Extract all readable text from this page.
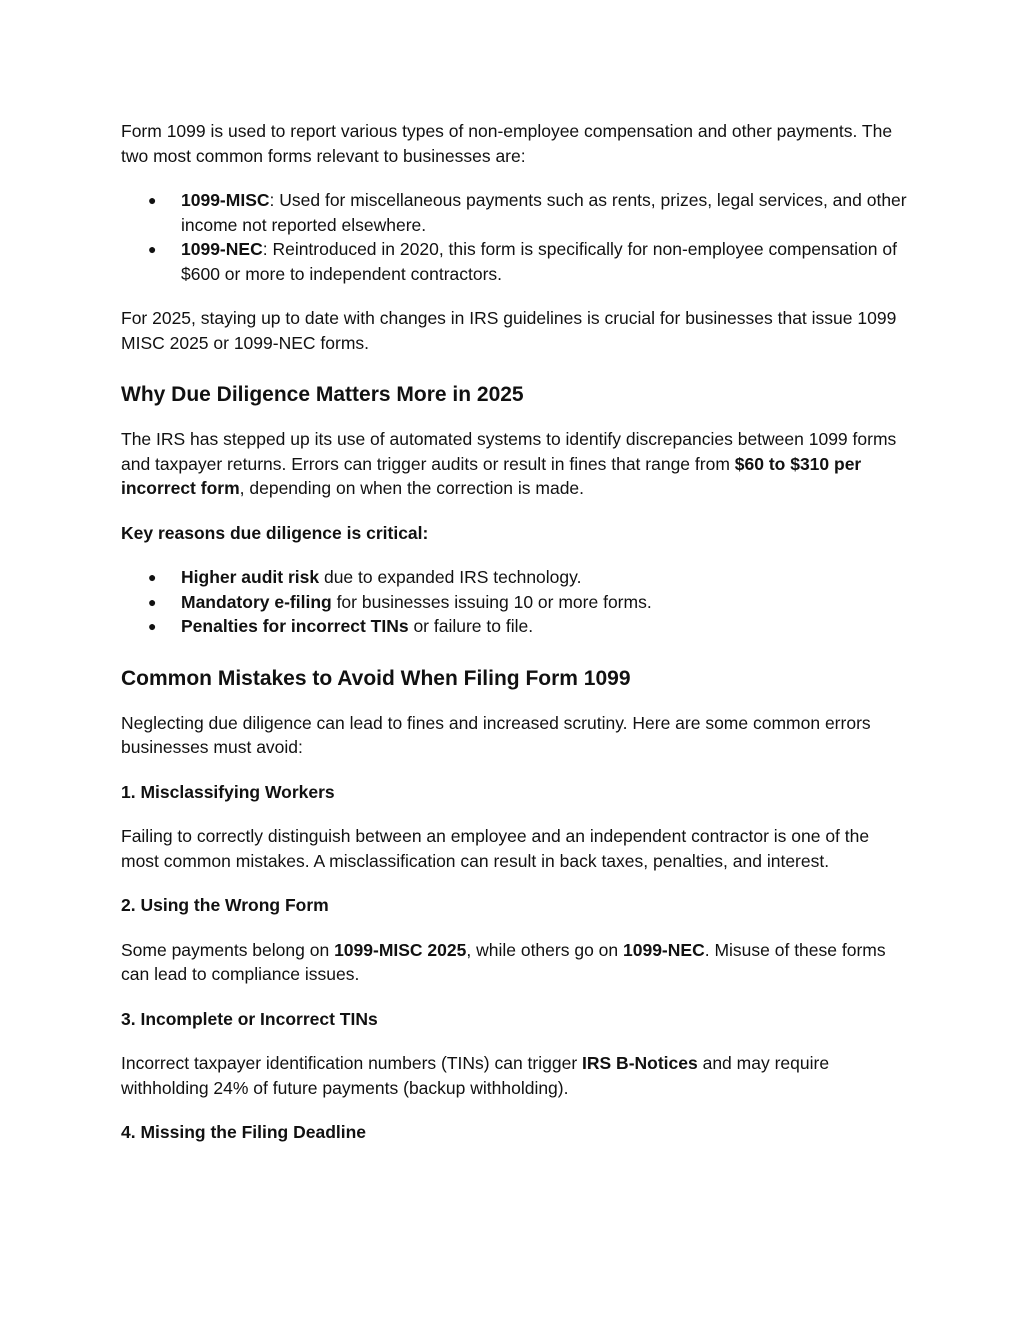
Form 1099 is used to report various types of non-employee compensation and other payments. The two most common forms relevant to businesses are:

● 1099-MISC: Used for miscellaneous payments such as rents, prizes, legal services, and other income not reported elsewhere.
● 1099-NEC: Reintroduced in 2020, this form is specifically for non-employee compensation of $600 or more to independent contractors.

For 2025, staying up to date with changes in IRS guidelines is crucial for businesses that issue 1099 MISC 2025 or 1099-NEC forms.

Why Due Diligence Matters More in 2025

The IRS has stepped up its use of automated systems to identify discrepancies between 1099 forms and taxpayer returns. Errors can trigger audits or result in fines that range from $60 to $310 per incorrect form, depending on when the correction is made.

Key reasons due diligence is critical:

● Higher audit risk due to expanded IRS technology.
● Mandatory e-filing for businesses issuing 10 or more forms.
● Penalties for incorrect TINs or failure to file.
Common Mistakes to Avoid When Filing Form 1099

Neglecting due diligence can lead to fines and increased scrutiny. Here are some common errors businesses must avoid:

1. Misclassifying Workers

Failing to correctly distinguish between an employee and an independent contractor is one of the most common mistakes. A misclassification can result in back taxes, penalties, and interest.

2. Using the Wrong Form

Some payments belong on 1099-MISC 2025, while others go on 1099-NEC. Misuse of these forms can lead to compliance issues.

3. Incomplete or Incorrect TINs

Incorrect taxpayer identification numbers (TINs) can trigger IRS B-Notices and may require withholding 24% of future payments (backup withholding).

4. Missing the Filing Deadline
